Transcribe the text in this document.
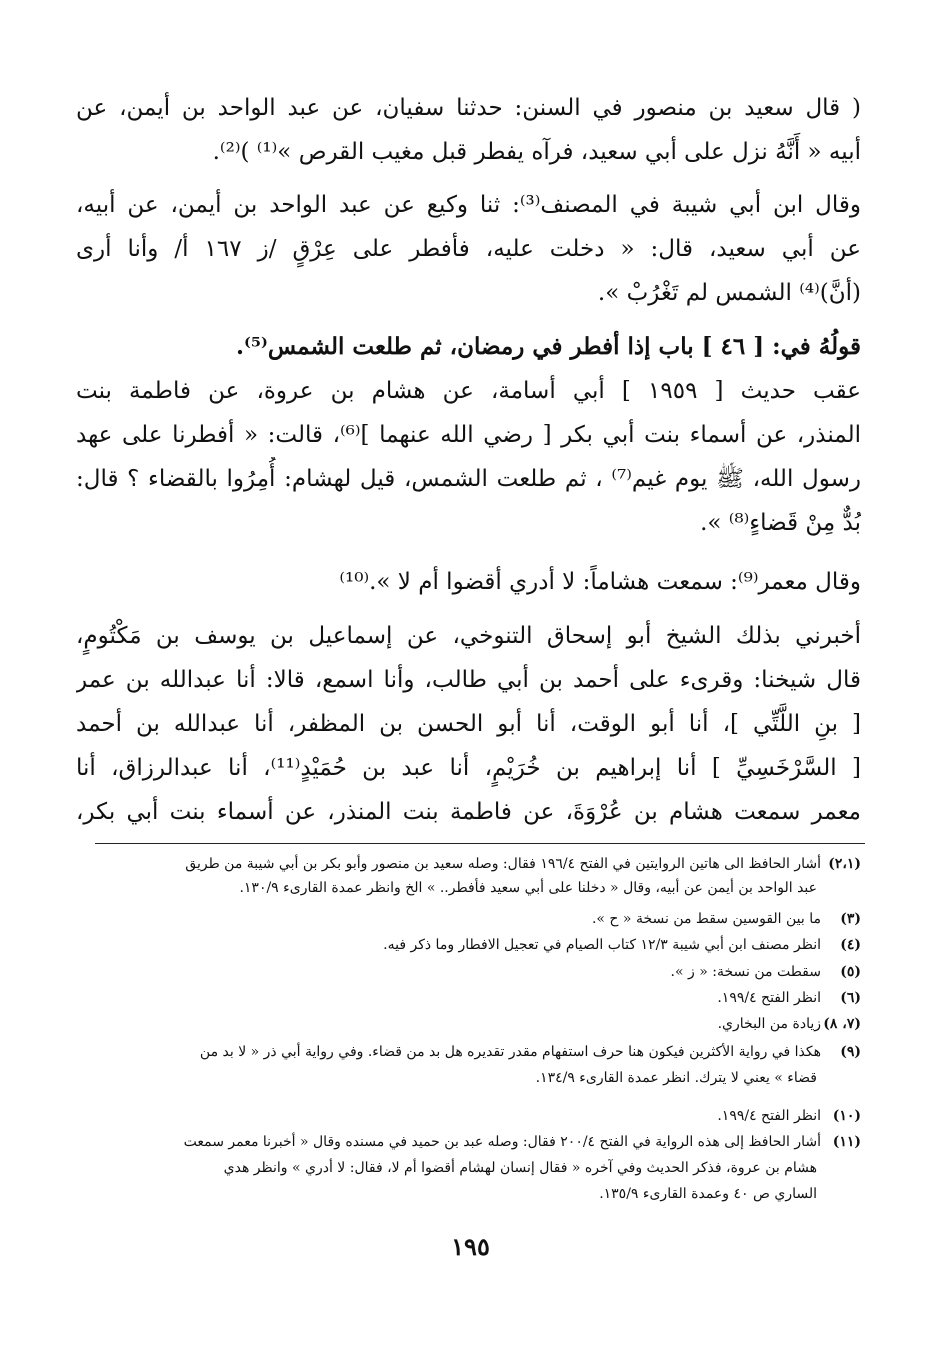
( قال سعيد بن منصور في السنن: حدثنا سفيان، عن عبد الواحد بن أيمن، عن
أبيه « أَنَّهُ نزل على أبي سعيد، فرآه يفطر قبل مغيب القرص »⁽¹⁾ )⁽²⁾.
وقال ابن أبي شيبة في المصنف⁽³⁾: ثنا وكيع عن عبد الواحد بن أيمن، عن أبيه،
عن أبي سعيد، قال: « دخلت عليه، فأفطر على عِرْقٍ /ز ١٦٧ أ/ وأنا أرى
(أنَّ)⁽⁴⁾ الشمس لم تَغْرُبْ ».
قولُهُ في: [ ٤٦ ] باب إذا أفطر في رمضان، ثم طلعت الشمس⁽⁵⁾.
عقب حديث [ ١٩٥٩ ] أبي أسامة، عن هشام بن عروة، عن فاطمة بنت
المنذر، عن أسماء بنت أبي بكر [ رضي الله عنهما ]⁽⁶⁾، قالت: « أفطرنا على عهد
رسول الله، ﷺ يوم غيم⁽⁷⁾ ، ثم طلعت الشمس، قيل لهشام: أُمِرُوا بالقضاء ؟ قال:
بُدٌّ مِنْ قَضاءٍ⁽⁸⁾ ».
وقال معمر⁽⁹⁾: سمعت هشاماً: لا أدري أقضوا أم لا ».⁽¹⁰⁾
أخبرني بذلك الشيخ أبو إسحاق التنوخي، عن إسماعيل بن يوسف بن مَكْتُومٍ،
قال شيخنا: وقرىء على أحمد بن أبي طالب، وأنا اسمع، قالا: أنا عبدالله بن عمر
[ بنِ اللَّتِّي ]، أنا أبو الوقت، أنا أبو الحسن بن المظفر، أنا عبدالله بن أحمد
[ السَّرْخَسِيِّ ] أنا إبراهيم بن خُرَيْمٍ، أنا عبد بن حُمَيْدٍ⁽¹¹⁾، أنا عبدالرزاق، أنا
معمر سمعت هشام بن عُرْوَةَ، عن فاطمة بنت المنذر، عن أسماء بنت أبي بكر،
(٢،١)أشار الحافظ الى هاتين الروايتين في الفتح ١٩٦/٤ فقال: وصله سعيد بن منصور وأبو بكر بن أبي شيبة من طريق
عبد الواحد بن أيمن عن أبيه، وقال « دخلنا على أبي سعيد فأفطر.. » الخ وانظر عمدة القارىء ١٣٠/٩.
(٣)ما بين القوسين سقط من نسخة « ح ».
(٤)انظر مصنف ابن أبي شيبة ١٢/٣ كتاب الصيام في تعجيل الافطار وما ذكر فيه.
(٥)سقطت من نسخة: « ز ».
(٦)انظر الفتح ١٩٩/٤.
(٧، ٨)زيادة من البخاري.
(٩)هكذا في رواية الأكثرين فيكون هنا حرف استفهام مقدر تقديره هل بد من قضاء. وفي رواية أبي ذر « لا بد من
قضاء » يعني لا يترك. انظر عمدة القارىء ١٣٤/٩.
(١٠)انظر الفتح ١٩٩/٤.
(١١)أشار الحافظ إلى هذه الرواية في الفتح ٢٠٠/٤ فقال: وصله عبد بن حميد في مسنده وقال « أخبرنا معمر سمعت
هشام بن عروة، فذكر الحديث وفي آخره « فقال إنسان لهشام أقضوا أم لا، فقال: لا أدري » وانظر هدي
الساري ص ٤٠ وعمدة القارىء ١٣٥/٩.
١٩٥
